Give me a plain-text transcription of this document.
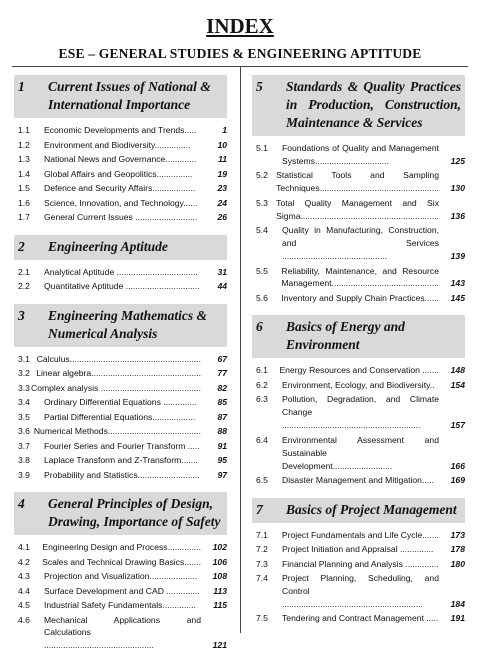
INDEX
ESE – GENERAL STUDIES & ENGINEERING APTITUDE
1	Current Issues of National & International Importance
1.1	Economic Developments and Trends.....	1
1.2	Environment and Biodiversity...............	10
1.3	National News and Governance.............	11
1.4	Global Affairs and Geopolitics...............	19
1.5	Defence and Security Affairs..................	23
1.6	Science, Innovation, and Technology......	24
1.7	General Current Issues ..........................	26
2	Engineering Aptitude
2.1	Analytical Aptitude ..................................	31
2.2	Quantitative Aptitude ...............................	44
3	Engineering Mathematics & Numerical Analysis
3.1 Calculus.......................................................	67
3.2 Linear algebra..............................................	77
3.3 Complex analysis ..........................................	82
3.4	Ordinary Differential Equations ..............	85
3.5	Partial Differential Equations..................	87
3.6 Numerical Methods.......................................	88
3.7	Fourier Series and Fourier Transform .....	91
3.8	Laplace Transform and Z-Transform.......	95
3.9	Probability and Statistics..........................	97
4	General Principles of Design, Drawing, Importance of Safety
4.1	Engineering Design and Process..............	102
4.2	Scales and Technical Drawing Basics.......	106
4.3	Projection and Visualization....................	108
4.4	Surface Development and CAD ..............	113
4.5	Industrial Safety Fundamentals..............	115
4.6	Mechanical Applications and Calculations ..............................................	121
5	Standards & Quality Practices in Production, Construction, Maintenance & Services
5.1	Foundations of Quality and Management Systems...............................	125
5.2 Statistical Tools and Sampling Techniques..................................................	130
5.3 Total Quality Management and Six Sigma..........................................................	136
5.4	Quality in Manufacturing, Construction, and Services ............................................	139
5.5	Reliability, Maintenance, and Resource Management.............................................	143
5.6	Inventory and Supply Chain Practices......	145
6	Basics of Energy and Environment
6.1	Energy Resources and Conservation .......	148
6.2	Environment, Ecology, and Biodiversity..	154
6.3	Pollution, Degradation, and Climate Change ..........................................................	157
6.4	Environmental Assessment and Sustainable Development.........................	166
6.5	Disaster Management and Mitigation.....	169
7	Basics of Project Management
7.1	Project Fundamentals and Life Cycle.......	173
7.2	Project Initiation and Appraisal ..............	178
7.3	Financial Planning and Analysis ..............	180
7.4	Project Planning, Scheduling, and Control ...........................................................	184
7.5	Tendering and Contract Management .....	191
